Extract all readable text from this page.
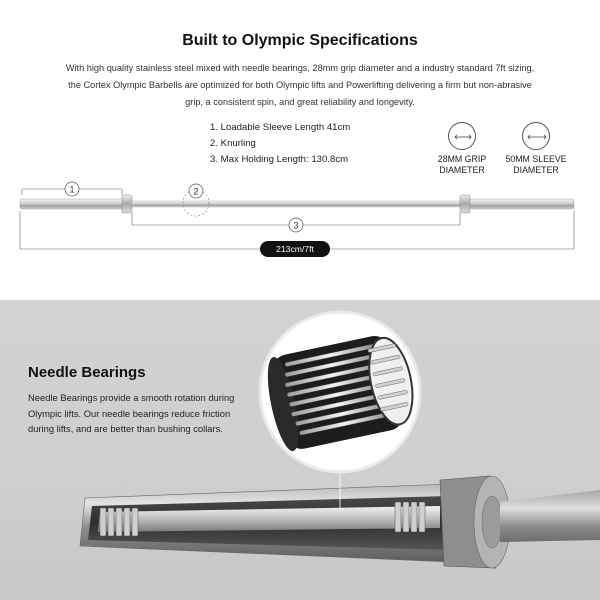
Built to Olympic Specifications
With high quality stainless steel mixed with needle bearings, 28mm grip diameter and a industry standard 7ft sizing, the Cortex Olympic Barbells are optimized for both Olympic lifts and Powerlifting delivering a firm but non-abrasive grip, a consistent spin, and great reliability and longevity.
1. Loadable Sleeve Length 41cm
2. Knurling
3. Max Holding Length: 130.8cm	28MM GRIP
DIAMETER
50MM SLEEVE
DIAMETER
1	2
3
213cm/7ft
Needle Bearings
Needle Bearings provide a smooth rotation during Olympic lifts. Our needle bearings reduce friction during lifts, and are better than bushing collars.
